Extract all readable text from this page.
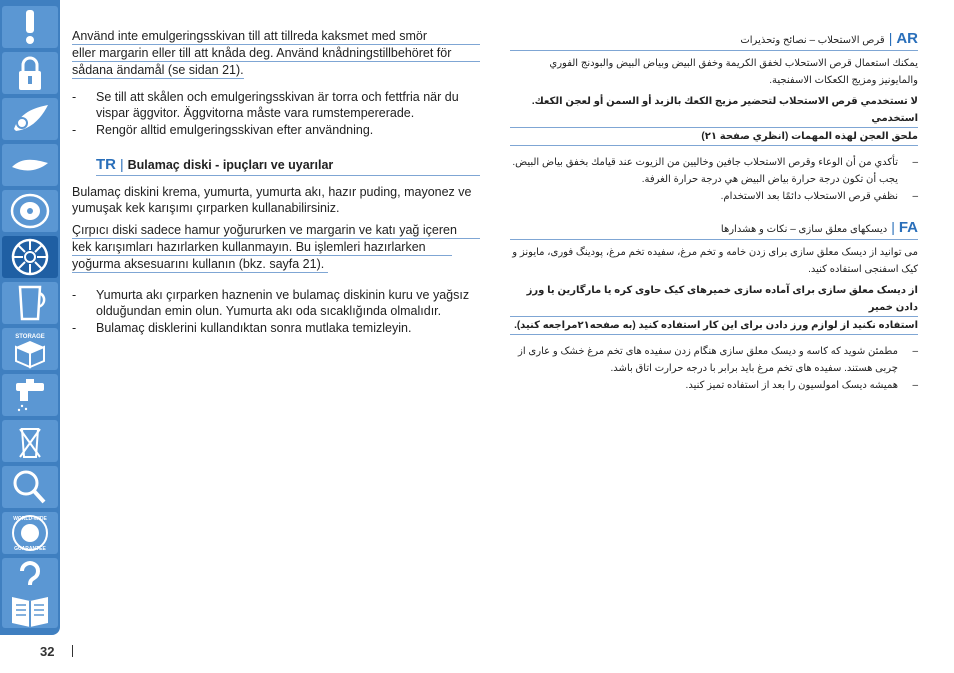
STORAGE
WORLD-WIDE
GUARANTEE
32
Använd inte emulgeringsskivan till att tillreda kaksmet med smör
eller margarin eller till att knåda deg. Använd knådningstillbehöret för
sådana ändamål (se sidan 21).
- Se till att skålen och emulgeringsskivan är torra och fettfria när du vispar äggvitor. Äggvitorna måste vara rumstempererade.
- Rengör alltid emulgeringsskivan efter användning.
TR | Bulamaç diski - ipuçları ve uyarılar
Bulamaç diskini krema, yumurta, yumurta akı, hazır puding, mayonez ve yumuşak kek karışımı çırparken kullanabilirsiniz.
Çırpıcı diski sadece hamur yoğururken ve margarin ve katı yağ içeren
kek karışımları hazırlarken kullanmayın. Bu işlemleri hazırlarken
yoğurma aksesuarını kullanın (bkz. sayfa 21).
- Yumurta akı çırparken haznenin ve bulamaç diskinin kuru ve yağsız olduğundan emin olun. Yumurta akı oda sıcaklığında olmalıdır.
- Bulamaç disklerini kullandıktan sonra mutlaka temizleyin.
AR
|
قرص الاستحلاب – نصائح وتحذيرات
يمكنك استعمال قرص الاستحلاب لخفق الكريمة وخفق البيض وبياض البيض والبودنج الفوري والمايونيز ومزيج الكعكات الاسفنجية.
لا تستخدمي قرص الاستحلاب لتحضير مزيج الكعك بالزبد أو السمن أو لعجن الكعك. استخدمي
ملحق العجن لهذه المهمات (انظري صفحة ٢١)
– تأكدي من أن الوعاء وقرص الاستحلاب جافين وخاليين من الزيوت عند قيامك بخفق بياض البيض. يجب أن تكون درجة حرارة بياض البيض هي درجة حرارة الغرفة.
– نظفي قرص الاستحلاب دائمًا بعد الاستخدام.
FA
|
دیسکهای معلق سازی – نکات و هشدارها
می توانید از دیسک معلق سازی برای زدن خامه و تخم مرغ، سفیده تخم مرغ، پودینگ فوری، مایونز و کیک اسفنجی استفاده کنید.
از دیسک معلق سازی برای آماده سازی خمیرهای کیک حاوی کره یا مارگارین یا ورز دادن خمیر
استفاده نکنید از لوازم ورز دادن برای این کار استفاده کنید (به صفحه۲۱مراجعه کنید).
– مطمئن شوید که کاسه و دیسک معلق سازی هنگام زدن سفیده های تخم مرغ خشک و عاری از چربی هستند. سفیده های تخم مرغ باید برابر با درجه حرارت اتاق باشد.
– همیشه دیسک امولسیون را بعد از استفاده تمیز کنید.
